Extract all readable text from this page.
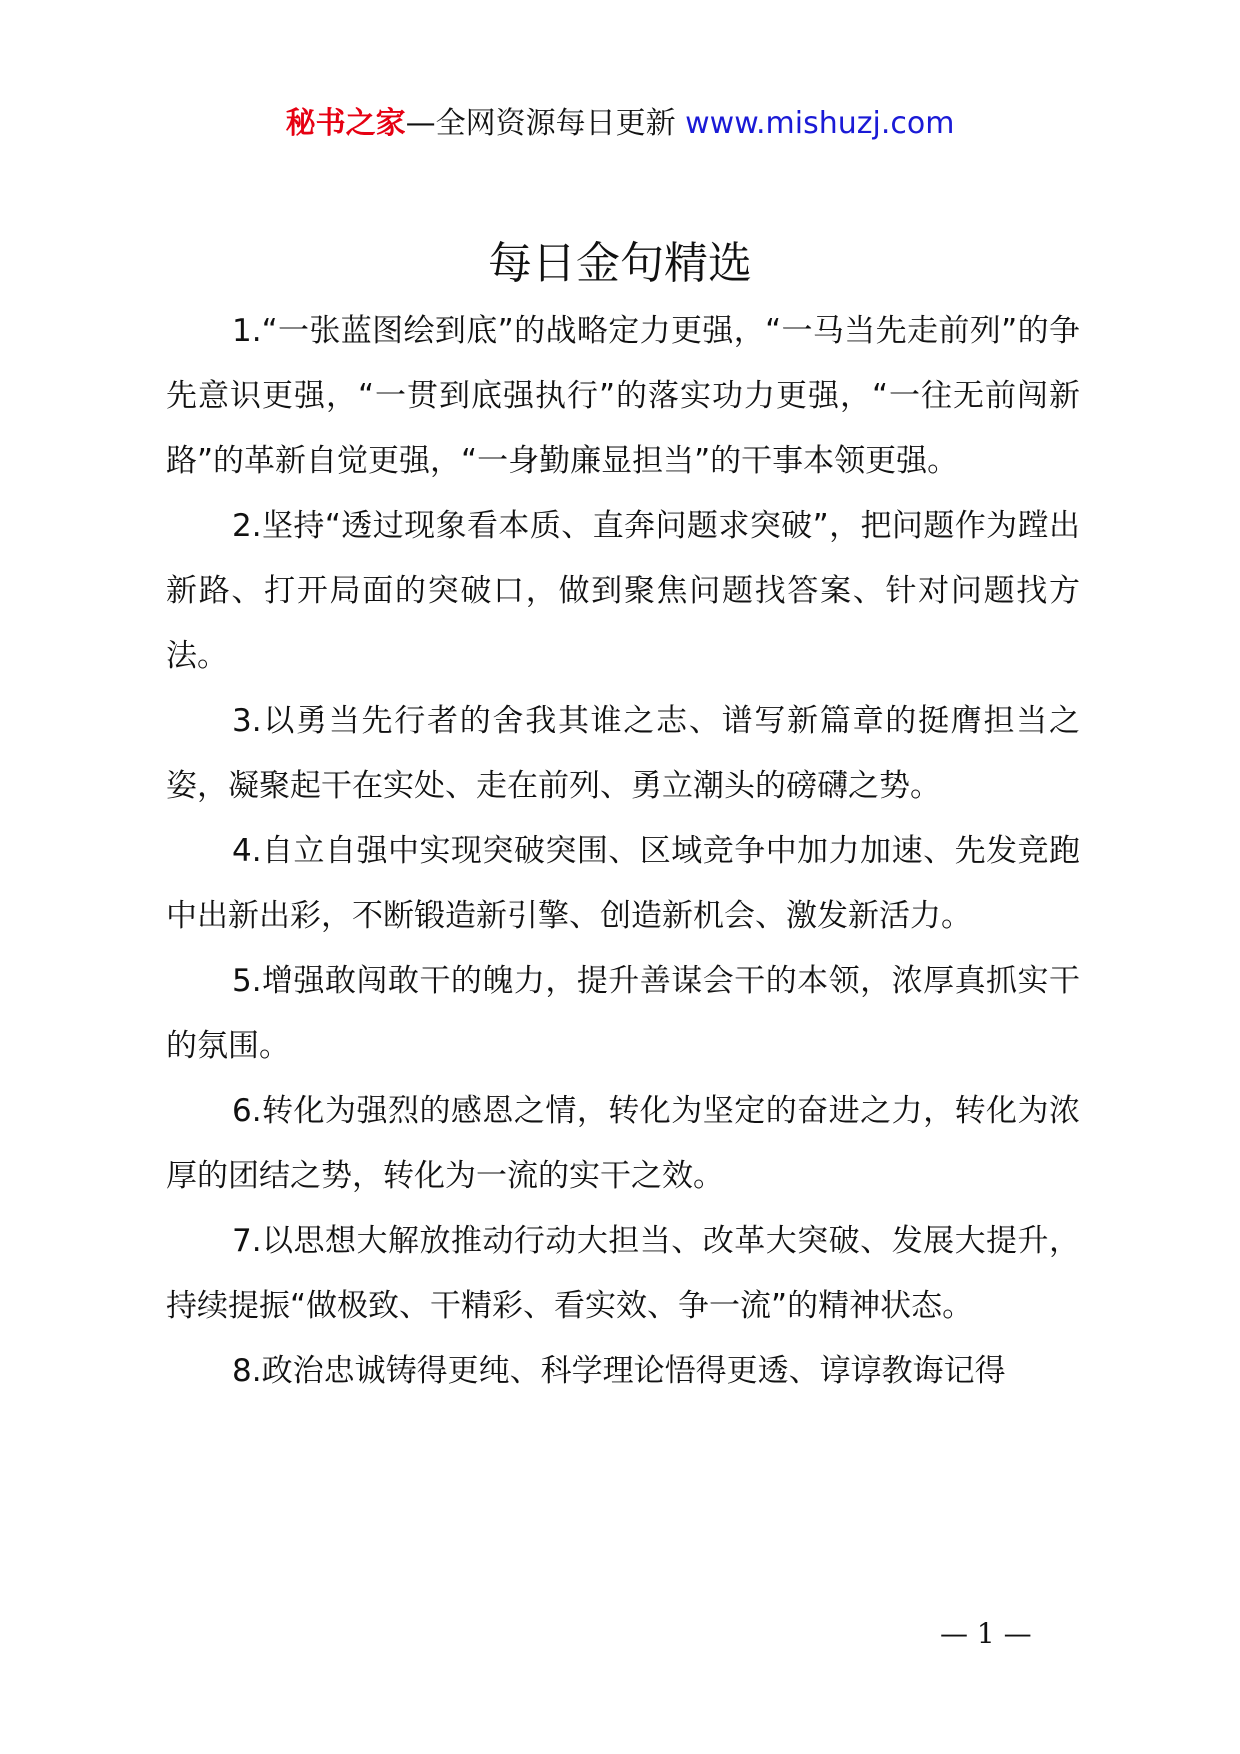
秘书之家—全网资源每日更新 www.mishuzj.com
每日金句精选

1.“一张蓝图绘到底”的战略定力更强，“一马当先走前列”的争先意识更强，“一贯到底强执行”的落实功力更强，“一往无前闯新路”的革新自觉更强，“一身勤廉显担当”的干事本领更强。

2.坚持“透过现象看本质、直奔问题求突破”，把问题作为蹚出新路、打开局面的突破口，做到聚焦问题找答案、针对问题找方法。

3.以勇当先行者的舍我其谁之志、谱写新篇章的挺膺担当之姿，凝聚起干在实处、走在前列、勇立潮头的磅礴之势。

4.自立自强中实现突破突围、区域竞争中加力加速、先发竞跑中出新出彩，不断锻造新引擎、创造新机会、激发新活力。

5.增强敢闯敢干的魄力，提升善谋会干的本领，浓厚真抓实干的氛围。

6.转化为强烈的感恩之情，转化为坚定的奋进之力，转化为浓厚的团结之势，转化为一流的实干之效。

7.以思想大解放推动行动大担当、改革大突破、发展大提升，持续提振“做极致、干精彩、看实效、争一流”的精神状态。

8.政治忠诚铸得更纯、科学理论悟得更透、谆谆教诲记得

— 1 —
